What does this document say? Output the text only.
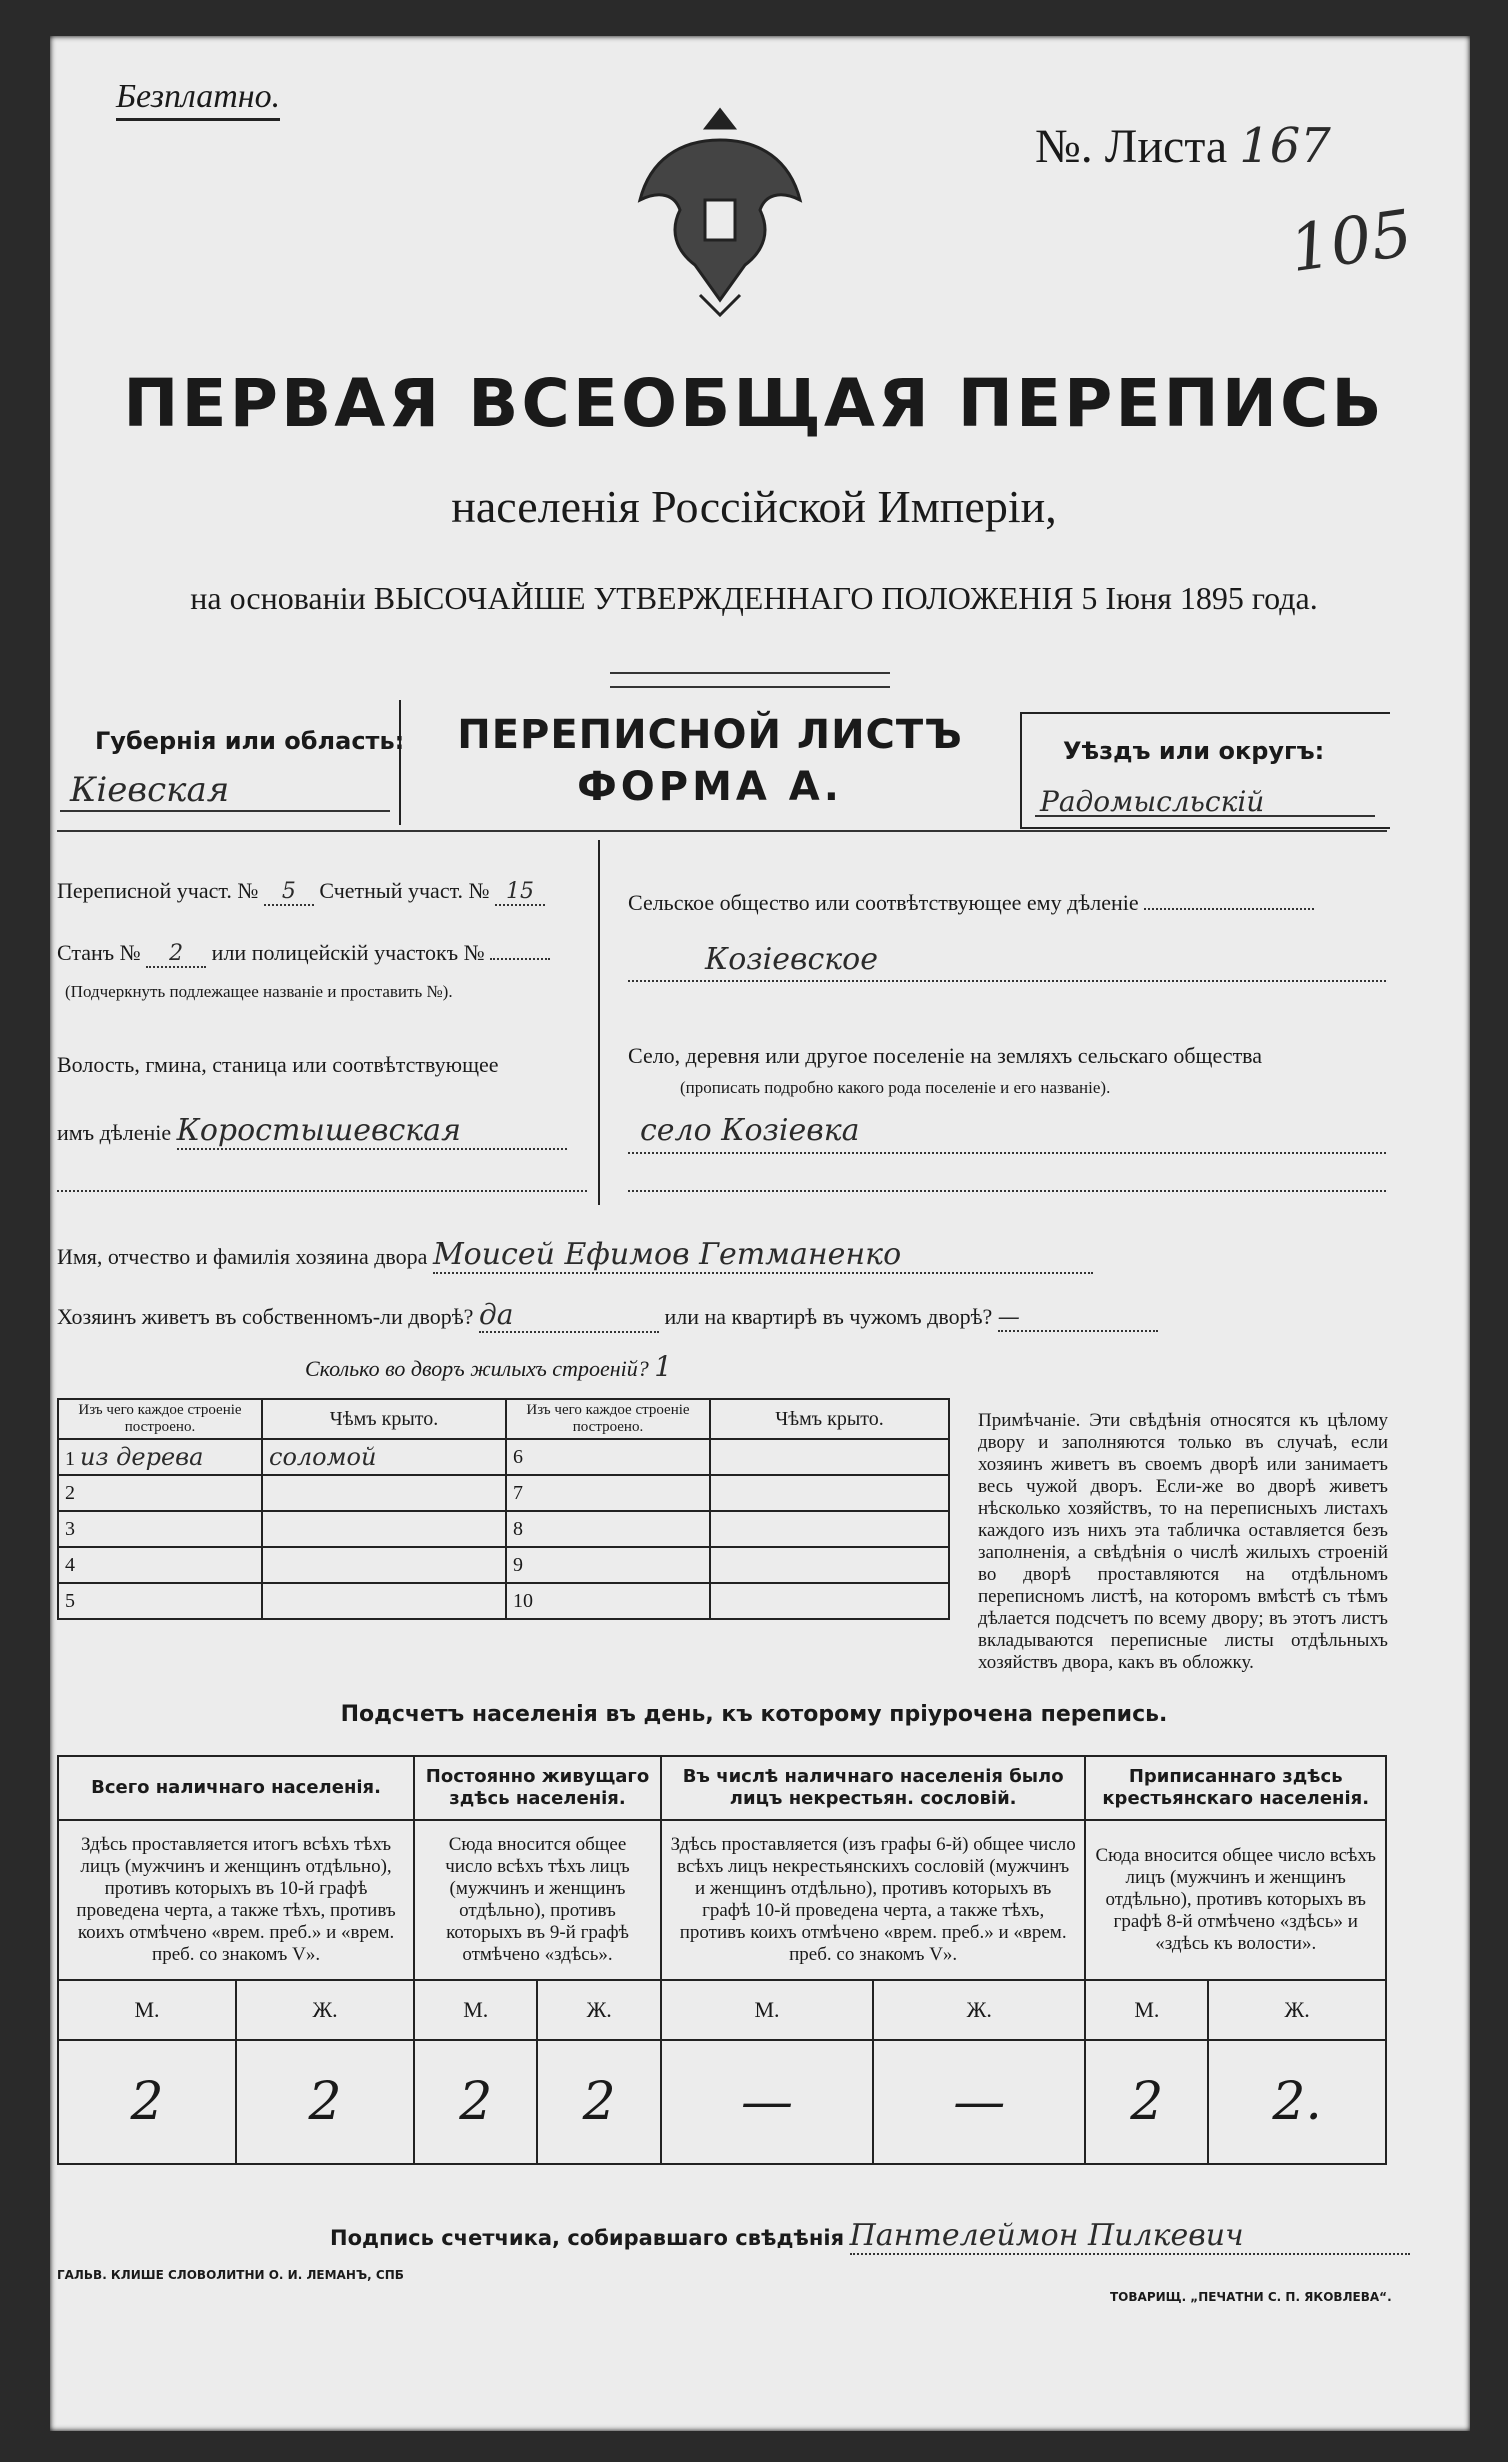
Безплатно.
№. Листа 167
105
ПЕРВАЯ ВСЕОБЩАЯ ПЕРЕПИСЬ
населенія Россійской Имперіи,
на основаніи ВЫСОЧАЙШЕ УТВЕРЖДЕННАГО ПОЛОЖЕНІЯ 5 Іюня 1895 года.
Губернія или область:
Кіевская
ПЕРЕПИСНОЙ ЛИСТЪ
ФОРМА А.
Уѣздъ или округъ:
Радомысльскій
Переписной участ. № 5 Счетный участ. № 15
Станъ № 2 или полицейскій участокъ №
(Подчеркнуть подлежащее названіе и проставить №).
Волость, гмина, станица или соотвѣтствующее
имъ дѣленіе Коростышевская
Сельское общество или соотвѣтствующее ему дѣленіе
Козіевское
Село, деревня или другое поселеніе на земляхъ сельскаго общества
(прописать подробно какого рода поселеніе и его названіе).
село Козіевка
Имя, отчество и фамилія хозяина двора Моисей Ефимов Гетманенко
Хозяинъ живетъ въ собственномъ-ли дворѣ? да	или на квартирѣ въ чужомъ дворѣ? —
Сколько во дворъ жилыхъ строеній? 1
Изъ чего каждое строеніе построено.	Чѣмъ крыто.	Изъ чего каждое строеніе построено.	Чѣмъ крыто.
1 из дерева	соломой	6	
2		7	
3		8	
4		9	
5		10	
Примѣчаніе. Эти свѣдѣнія относятся къ цѣлому двору и заполняются только въ случаѣ, если хозяинъ живетъ въ своемъ дворѣ или занимаетъ весь чужой дворъ. Если-же во дворѣ живетъ нѣсколько хозяйствъ, то на переписныхъ листахъ каждого изъ нихъ эта табличка оставляется безъ заполненія, а свѣдѣнія о числѣ жилыхъ строеній во дворѣ проставляются на отдѣльномъ переписномъ листѣ, на которомъ вмѣстѣ съ тѣмъ дѣлается подсчетъ по всему двору; въ этотъ листъ вкладываются переписные листы отдѣльныхъ хозяйствъ двора, какъ въ обложку.
Подсчетъ населенія въ день, къ которому пріурочена перепись.
Всего наличнаго населенія.		Постоянно живущаго здѣсь населенія.		Въ числѣ наличнаго населенія было лицъ некрестьян. сословій.		Приписаннаго здѣсь крестьянскаго населенія.	
Здѣсь проставляется итогъ всѣхъ тѣхъ лицъ (мужчинъ и женщинъ отдѣльно), противъ которыхъ въ 10-й графѣ проведена черта, а также тѣхъ, противъ коихъ отмѣчено «врем. преб.» и «врем. преб. со знакомъ V».		Сюда вносится общее число всѣхъ тѣхъ лицъ (мужчинъ и женщинъ отдѣльно), противъ которыхъ въ 9-й графѣ отмѣчено «здѣсь».		Здѣсь проставляется (изъ графы 6-й) общее число всѣхъ лицъ некрестьянскихъ сословій (мужчинъ и женщинъ отдѣльно), противъ которыхъ въ графѣ 10-й проведена черта, а также тѣхъ, противъ коихъ отмѣчено «врем. преб.» и «врем. преб. со знакомъ V».		Сюда вносится общее число всѣхъ лицъ (мужчинъ и женщинъ отдѣльно), противъ которыхъ въ графѣ 8-й отмѣчено «здѣсь» и «здѣсь къ волости».	
М.	Ж.	М.	Ж.	М.	Ж.	М.	Ж.
2	2	2	2	—	—	2	2.
Подпись счетчика, собиравшаго свѣдѣнія Пантелеймон Пилкевич
ГАЛЬВ. КЛИШЕ СЛОВОЛИТНИ О. И. ЛЕМАНЪ, СПБ
ТОВАРИЩ. „ПЕЧАТНИ С. П. ЯКОВЛЕВА“.
